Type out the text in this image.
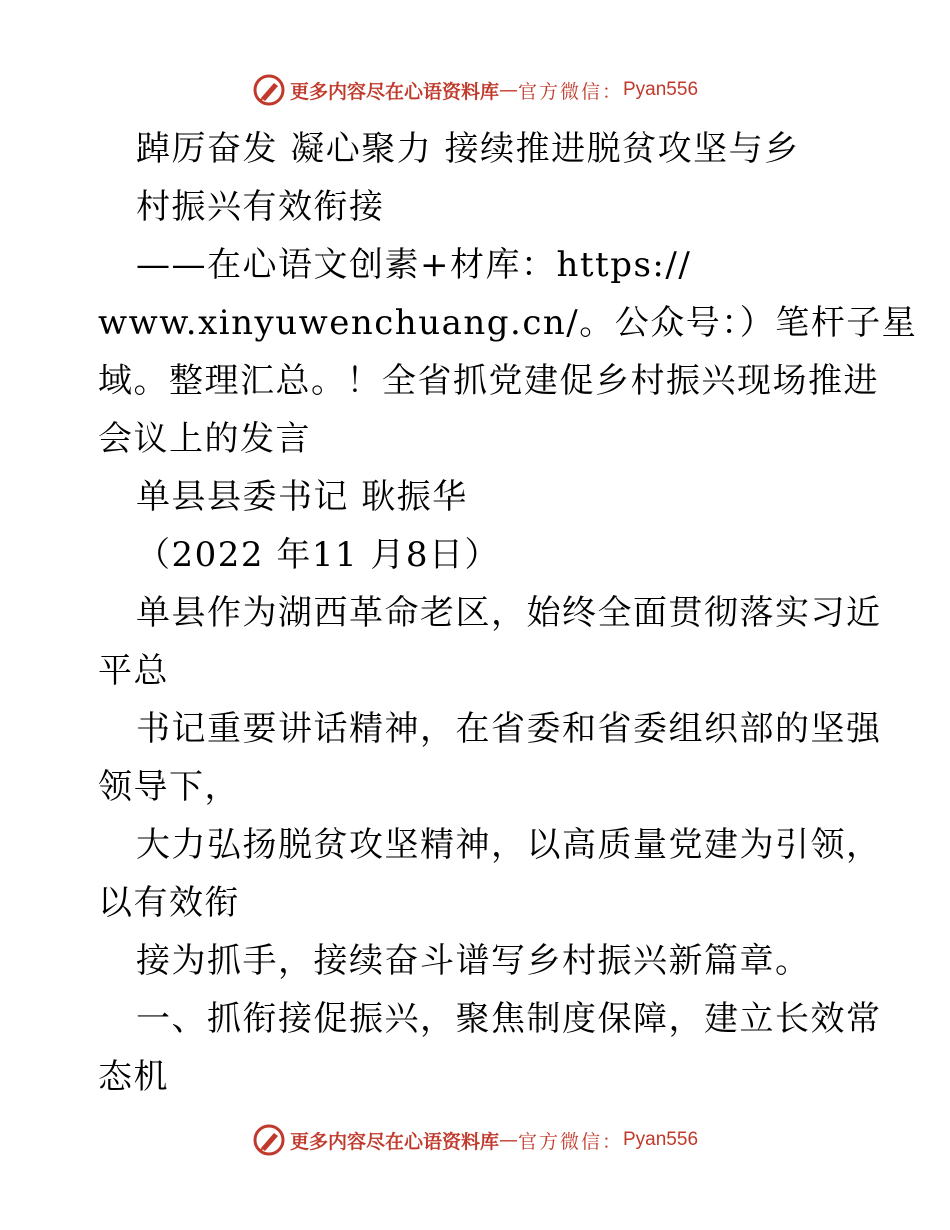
更多内容尽在心语资料库 — 官方微信： Pyan556
踔厉奋发 凝心聚力 接续推进脱贫攻坚与乡
村振兴有效衔接
——在心语文创素+材库：https://
www.xinyuwenchuang.cn/。公众号：）笔杆子星
域。整理汇总。！全省抓党建促乡村振兴现场推进
会议上的发言
单县县委书记 耿振华
（2022 年11 月8日）
单县作为湖西革命老区，始终全面贯彻落实习近
平总
书记重要讲话精神，在省委和省委组织部的坚强
领导下，
大力弘扬脱贫攻坚精神，以高质量党建为引领，
以有效衔
接为抓手，接续奋斗谱写乡村振兴新篇章。
一、抓衔接促振兴，聚焦制度保障，建立长效常
态机
更多内容尽在心语资料库 — 官方微信： Pyan556
